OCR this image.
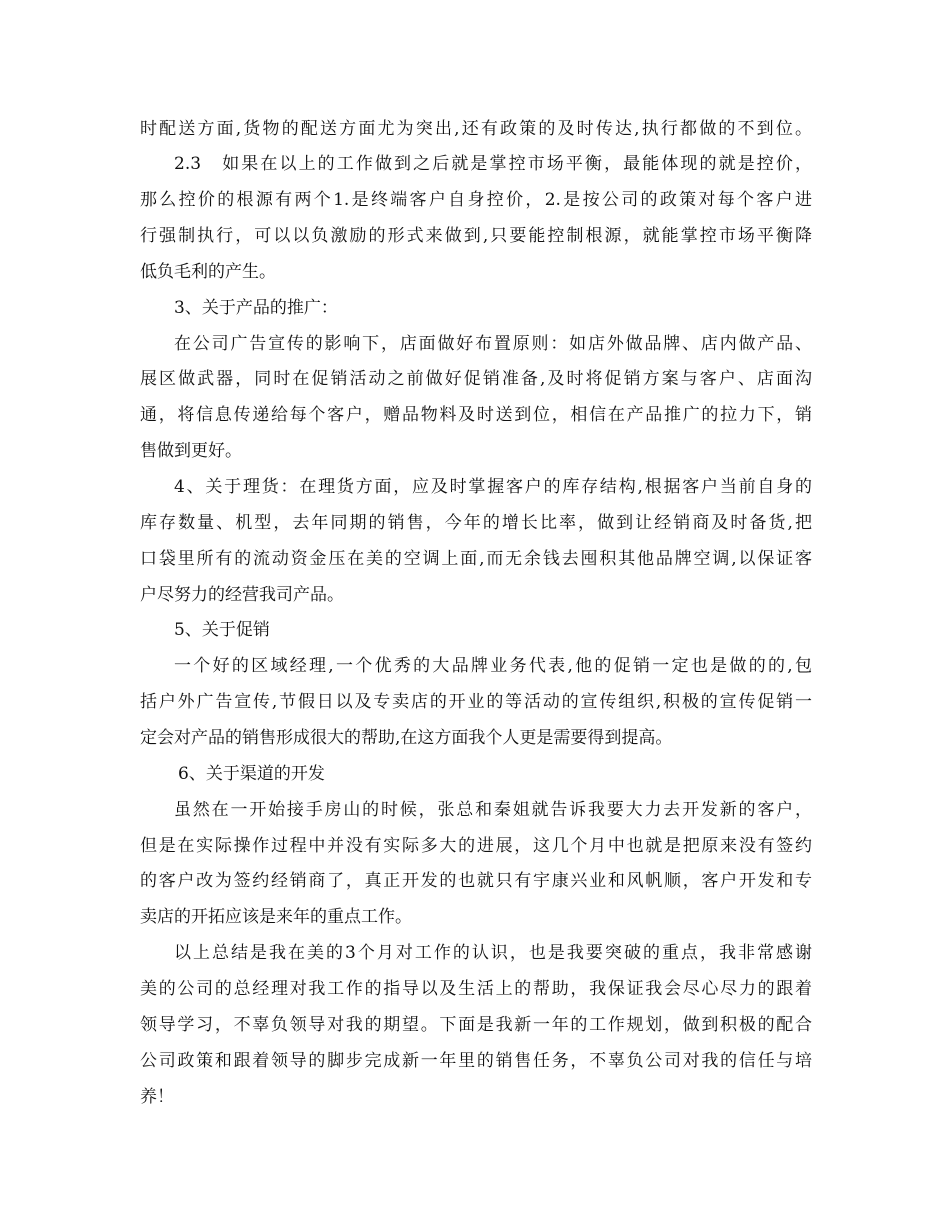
时配送方面,货物的配送方面尤为突出,还有政策的及时传达,执行都做的不到位。
2.3　如果在以上的工作做到之后就是掌控市场平衡，最能体现的就是控价，
那么控价的根源有两个1.是终端客户自身控价，2.是按公司的政策对每个客户进
行强制执行，可以以负激励的形式来做到,只要能控制根源，就能掌控市场平衡降
低负毛利的产生。
3、关于产品的推广：
在公司广告宣传的影响下，店面做好布置原则：如店外做品牌、店内做产品、
展区做武器，同时在促销活动之前做好促销准备,及时将促销方案与客户、店面沟
通，将信息传递给每个客户，赠品物料及时送到位，相信在产品推广的拉力下，销
售做到更好。
4、关于理货：在理货方面，应及时掌握客户的库存结构,根据客户当前自身的
库存数量、机型，去年同期的销售，今年的增长比率，做到让经销商及时备货,把
口袋里所有的流动资金压在美的空调上面,而无余钱去囤积其他品牌空调,以保证客
户尽努力的经营我司产品。
5、关于促销
一个好的区域经理,一个优秀的大品牌业务代表,他的促销一定也是做的的,包
括户外广告宣传,节假日以及专卖店的开业的等活动的宣传组织,积极的宣传促销一
定会对产品的销售形成很大的帮助,在这方面我个人更是需要得到提高。
6、关于渠道的开发
虽然在一开始接手房山的时候，张总和秦姐就告诉我要大力去开发新的客户，
但是在实际操作过程中并没有实际多大的进展，这几个月中也就是把原来没有签约
的客户改为签约经销商了，真正开发的也就只有宇康兴业和风帆顺，客户开发和专
卖店的开拓应该是来年的重点工作。
以上总结是我在美的3个月对工作的认识，也是我要突破的重点，我非常感谢
美的公司的总经理对我工作的指导以及生活上的帮助，我保证我会尽心尽力的跟着
领导学习，不辜负领导对我的期望。下面是我新一年的工作规划，做到积极的配合
公司政策和跟着领导的脚步完成新一年里的销售任务，不辜负公司对我的信任与培
养！
